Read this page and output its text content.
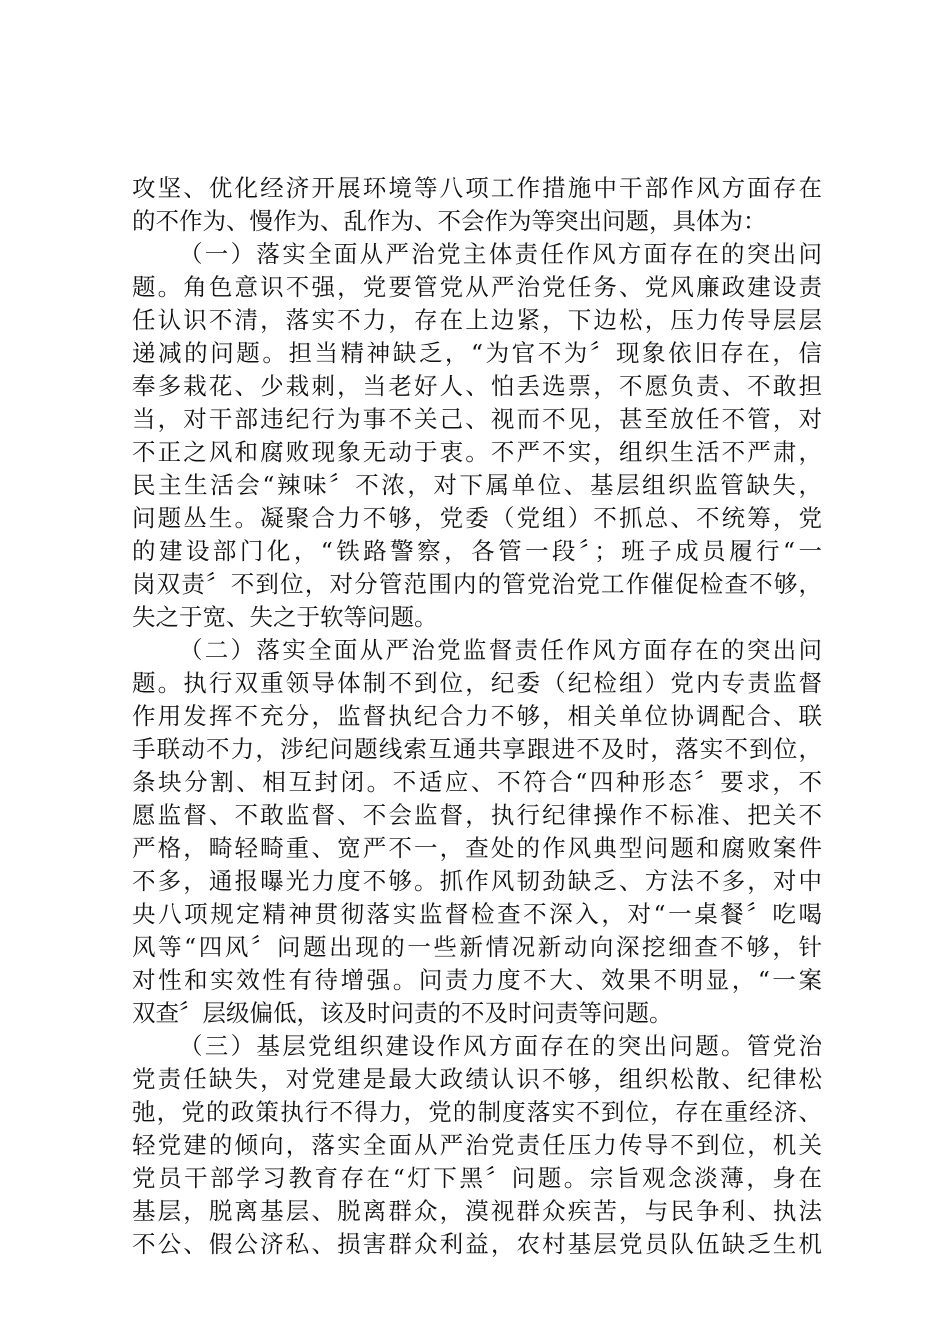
攻坚、优化经济开展环境等八项工作措施中干部作风方面存在
的不作为、慢作为、乱作为、不会作为等突出问题，具体为：
（一）落实全面从严治党主体责任作风方面存在的突出问
题。角色意识不强，党要管党从严治党任务、党风廉政建设责
任认识不清，落实不力，存在上边紧，下边松，压力传导层层
递减的问题。担当精神缺乏，“为官不为〞现象依旧存在，信
奉多栽花、少栽刺，当老好人、怕丢选票，不愿负责、不敢担
当，对干部违纪行为事不关己、视而不见，甚至放任不管，对
不正之风和腐败现象无动于衷。不严不实，组织生活不严肃，
民主生活会“辣味〞不浓，对下属单位、基层组织监管缺失，
问题丛生。凝聚合力不够，党委（党组）不抓总、不统筹，党
的建设部门化，“铁路警察，各管一段〞；班子成员履行“一
岗双责〞不到位，对分管范围内的管党治党工作催促检查不够，
失之于宽、失之于软等问题。
（二）落实全面从严治党监督责任作风方面存在的突出问
题。执行双重领导体制不到位，纪委（纪检组）党内专责监督
作用发挥不充分，监督执纪合力不够，相关单位协调配合、联
手联动不力，涉纪问题线索互通共享跟进不及时，落实不到位，
条块分割、相互封闭。不适应、不符合“四种形态〞要求，不
愿监督、不敢监督、不会监督，执行纪律操作不标准、把关不
严格，畸轻畸重、宽严不一，查处的作风典型问题和腐败案件
不多，通报曝光力度不够。抓作风韧劲缺乏、方法不多，对中
央八项规定精神贯彻落实监督检查不深入，对“一桌餐〞吃喝
风等“四风〞问题出现的一些新情况新动向深挖细查不够，针
对性和实效性有待增强。问责力度不大、效果不明显，“一案
双查〞层级偏低，该及时问责的不及时问责等问题。
（三）基层党组织建设作风方面存在的突出问题。管党治
党责任缺失，对党建是最大政绩认识不够，组织松散、纪律松
弛，党的政策执行不得力，党的制度落实不到位，存在重经济、
轻党建的倾向，落实全面从严治党责任压力传导不到位，机关
党员干部学习教育存在“灯下黑〞问题。宗旨观念淡薄，身在
基层，脱离基层、脱离群众，漠视群众疾苦，与民争利、执法
不公、假公济私、损害群众利益，农村基层党员队伍缺乏生机
